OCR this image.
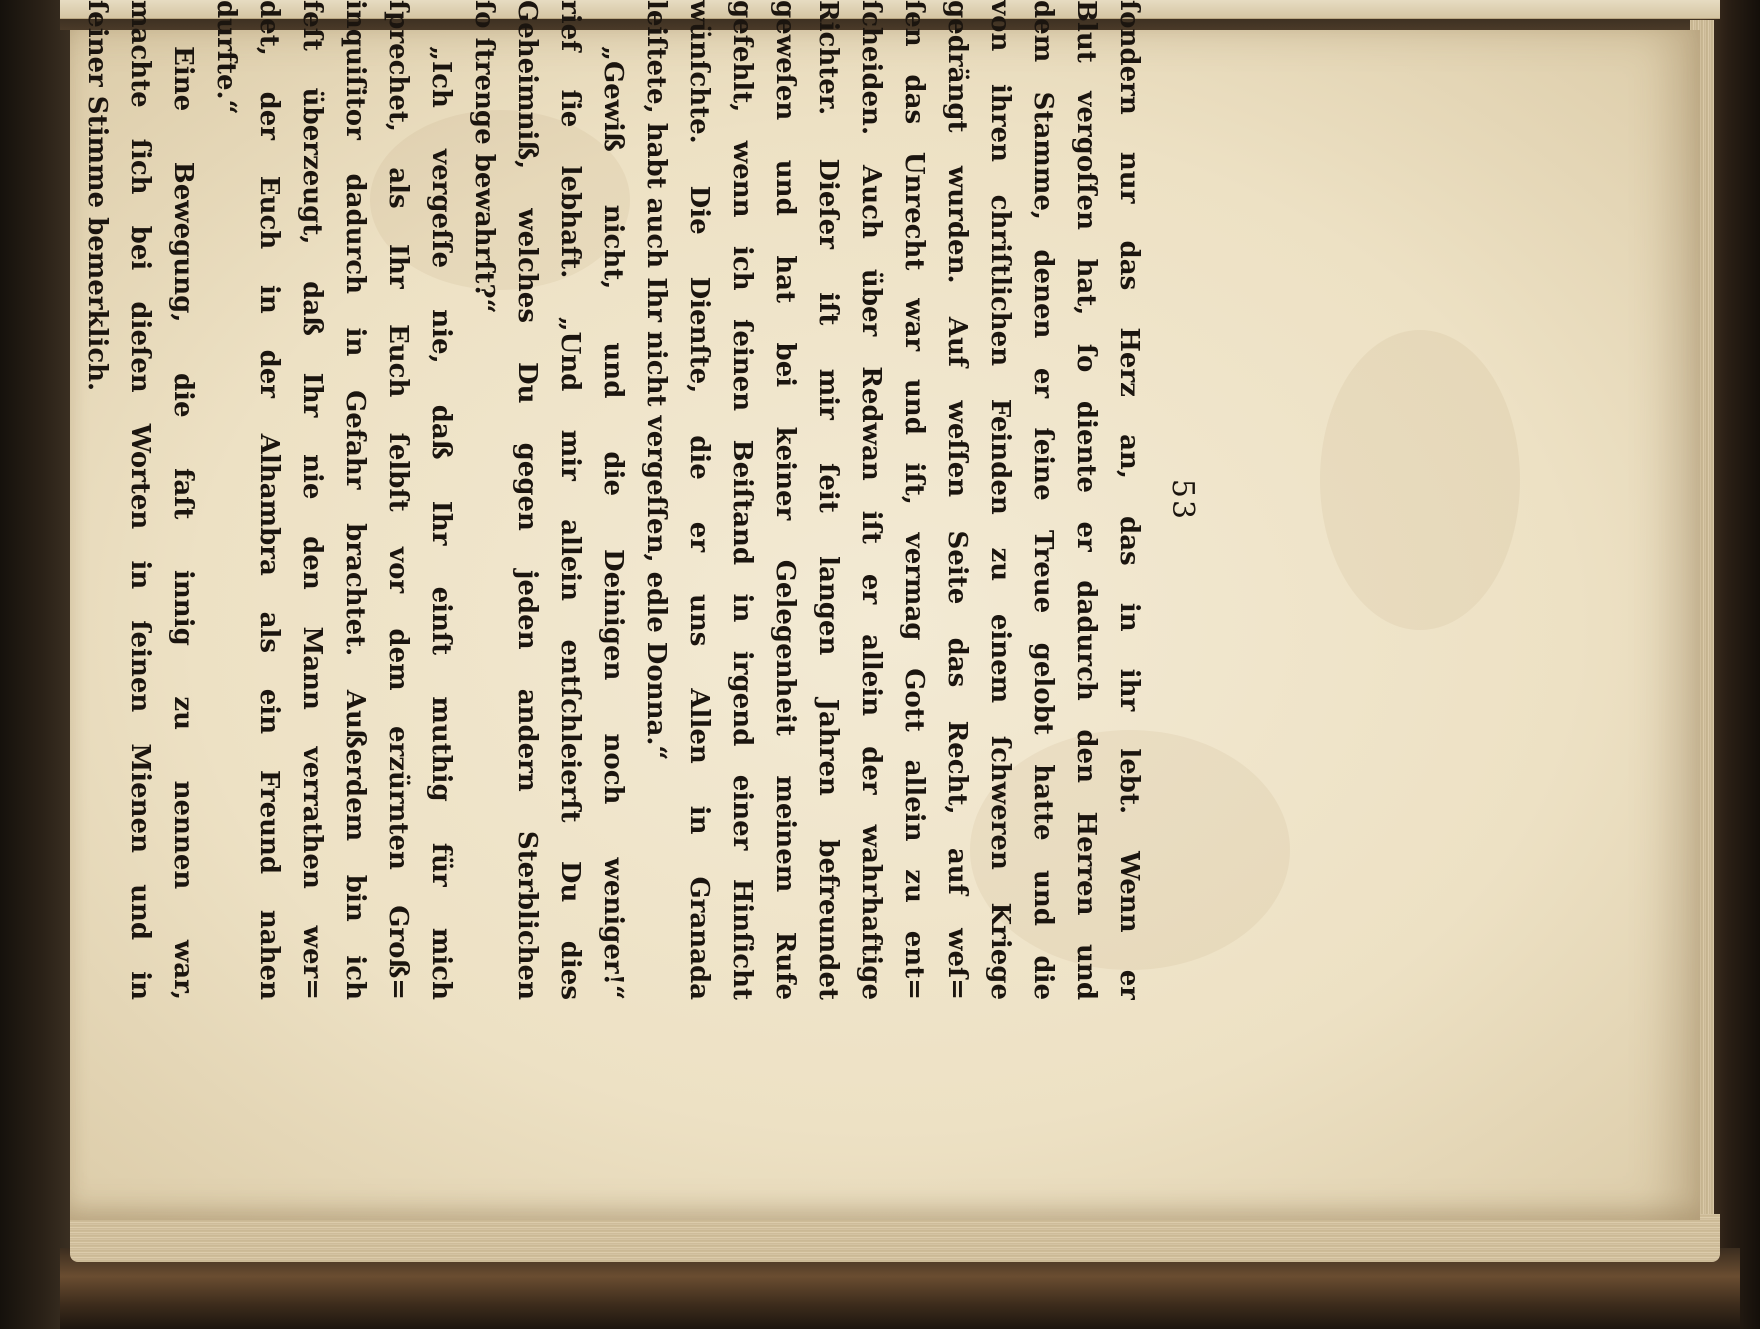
53
ſondern nur das Herz an, das in ihr lebt. Wenn er
Blut vergoſſen hat, ſo diente er dadurch den Herren und
dem Stamme, denen er ſeine Treue gelobt hatte und die
von ihren chriſtlichen Feinden zu einem ſchweren Kriege
gedrängt wurden. Auf weſſen Seite das Recht, auf weſ=
ſen das Unrecht war und iſt, vermag Gott allein zu ent=
ſcheiden. Auch über Redwan iſt er allein der wahrhaftige
Richter. Dieſer iſt mir ſeit langen Jahren befreundet
geweſen und hat bei keiner Gelegenheit meinem Rufe
gefehlt, wenn ich ſeinen Beiſtand in irgend einer Hinſicht
wünſchte. Die Dienſte, die er uns Allen in Granada
leiſtete, habt auch Ihr nicht vergeſſen, edle Donna.“
„Gewiß nicht, und die Deinigen noch weniger!“
rief ſie lebhaft. „Und mir allein entſchleierſt Du dies
Geheimniß, welches Du gegen jeden andern Sterblichen
ſo ſtrenge bewahrſt?“
„Ich vergeſſe nie, daß Ihr einſt muthig für mich
ſprechet, als Ihr Euch ſelbſt vor dem erzürnten Groß=
inquiſitor dadurch in Gefahr brachtet. Außerdem bin ich
feſt überzeugt, daß Ihr nie den Mann verrathen wer=
det, der Euch in der Alhambra als ein Freund nahen
durfte.“
Eine Bewegung, die faſt innig zu nennen war,
machte ſich bei dieſen Worten in ſeinen Mienen und in
ſeiner Stimme bemerklich.
